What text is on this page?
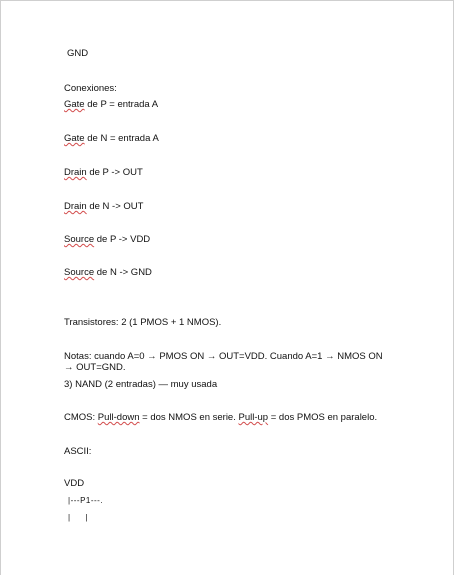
GND
Conexiones:
Gate de P = entrada A
Gate de N = entrada A
Drain de P -> OUT
Drain de N -> OUT
Source de P -> VDD
Source de N -> GND
Transistores: 2 (1 PMOS + 1 NMOS).
Notas: cuando A=0 → PMOS ON → OUT=VDD. Cuando A=1 → NMOS ON → OUT=GND.
3) NAND (2 entradas) — muy usada
CMOS: Pull-down = dos NMOS en serie. Pull-up = dos PMOS en paralelo.
ASCII:
VDD
|---P1---.
|       |
